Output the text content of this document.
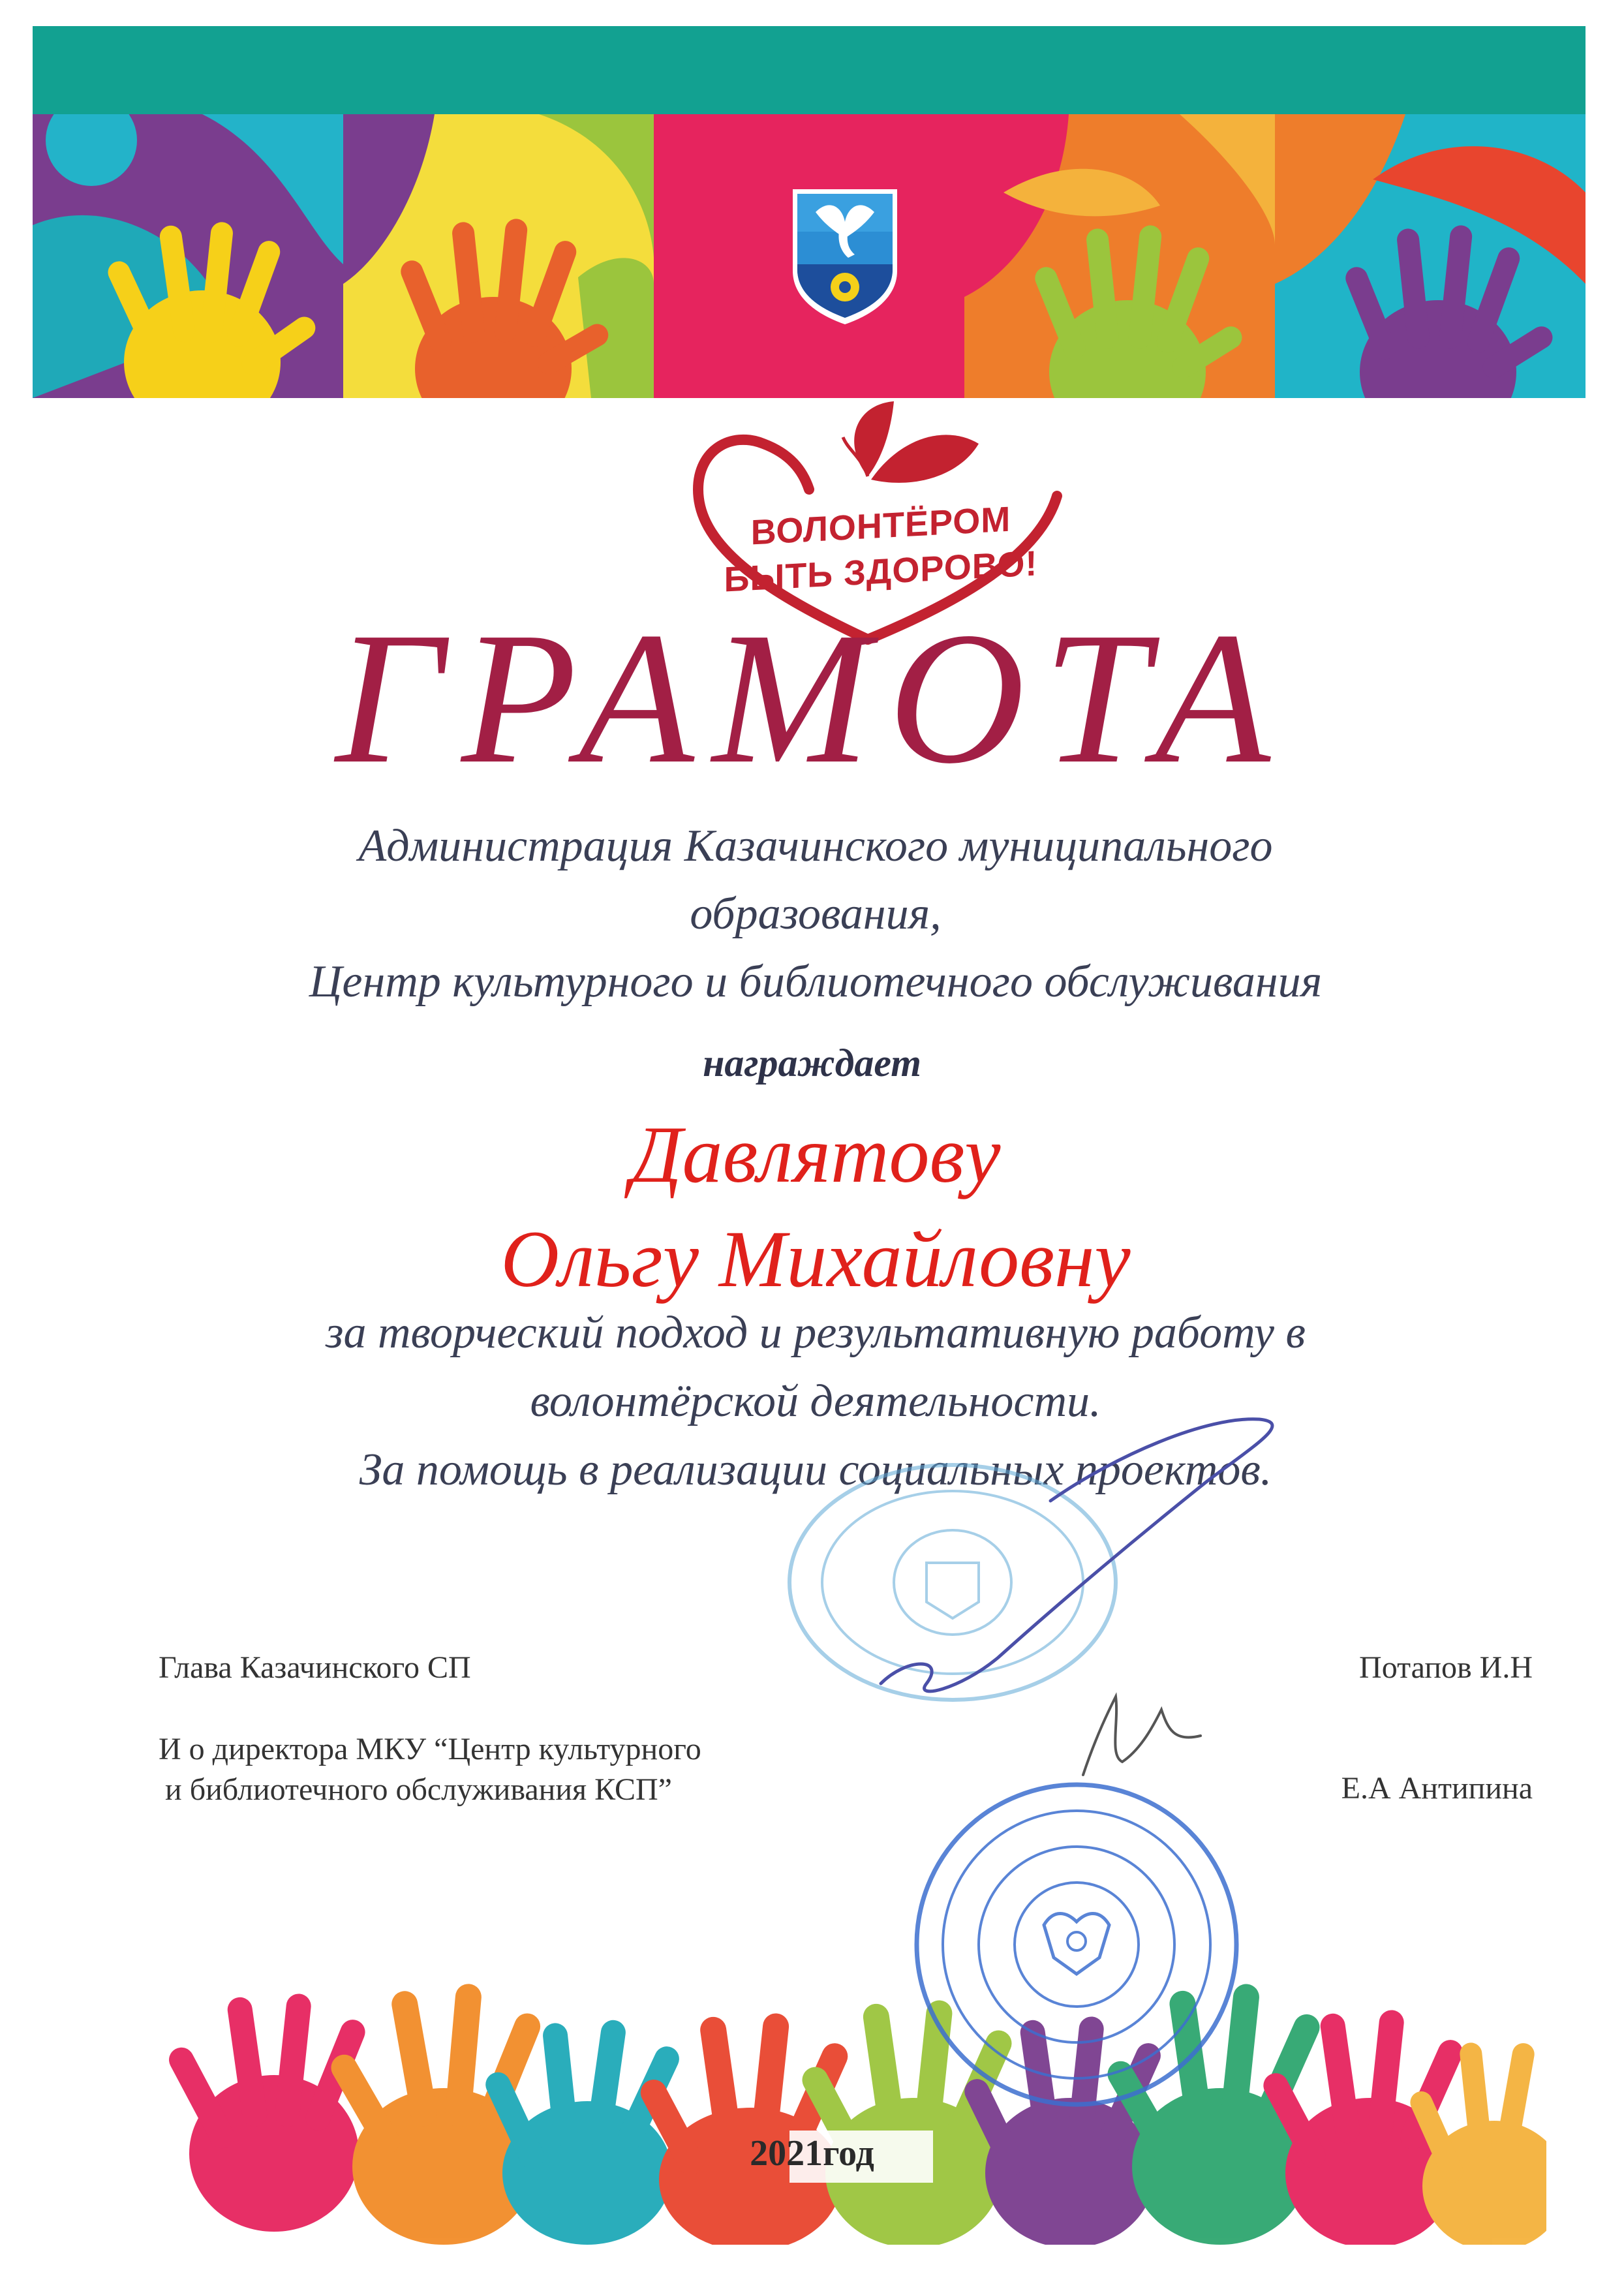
ВОЛОНТЁРОМ
БЫТЬ ЗДОРОВО!
ГРАМОТА
Администрация Казачинского муниципального
образования,
Центр культурного и библиотечного обслуживания
награждает
Давлятову
Ольгу Михайловну
за творческий подход и результативную работу в
волонтёрской деятельности.
За помощь в реализации социальных проектов.
Глава Казачинского СП	Потапов И.Н
И о директора МКУ “Центр культурного
и библиотечного обслуживания КСП”	Е.А Антипина
2021год
